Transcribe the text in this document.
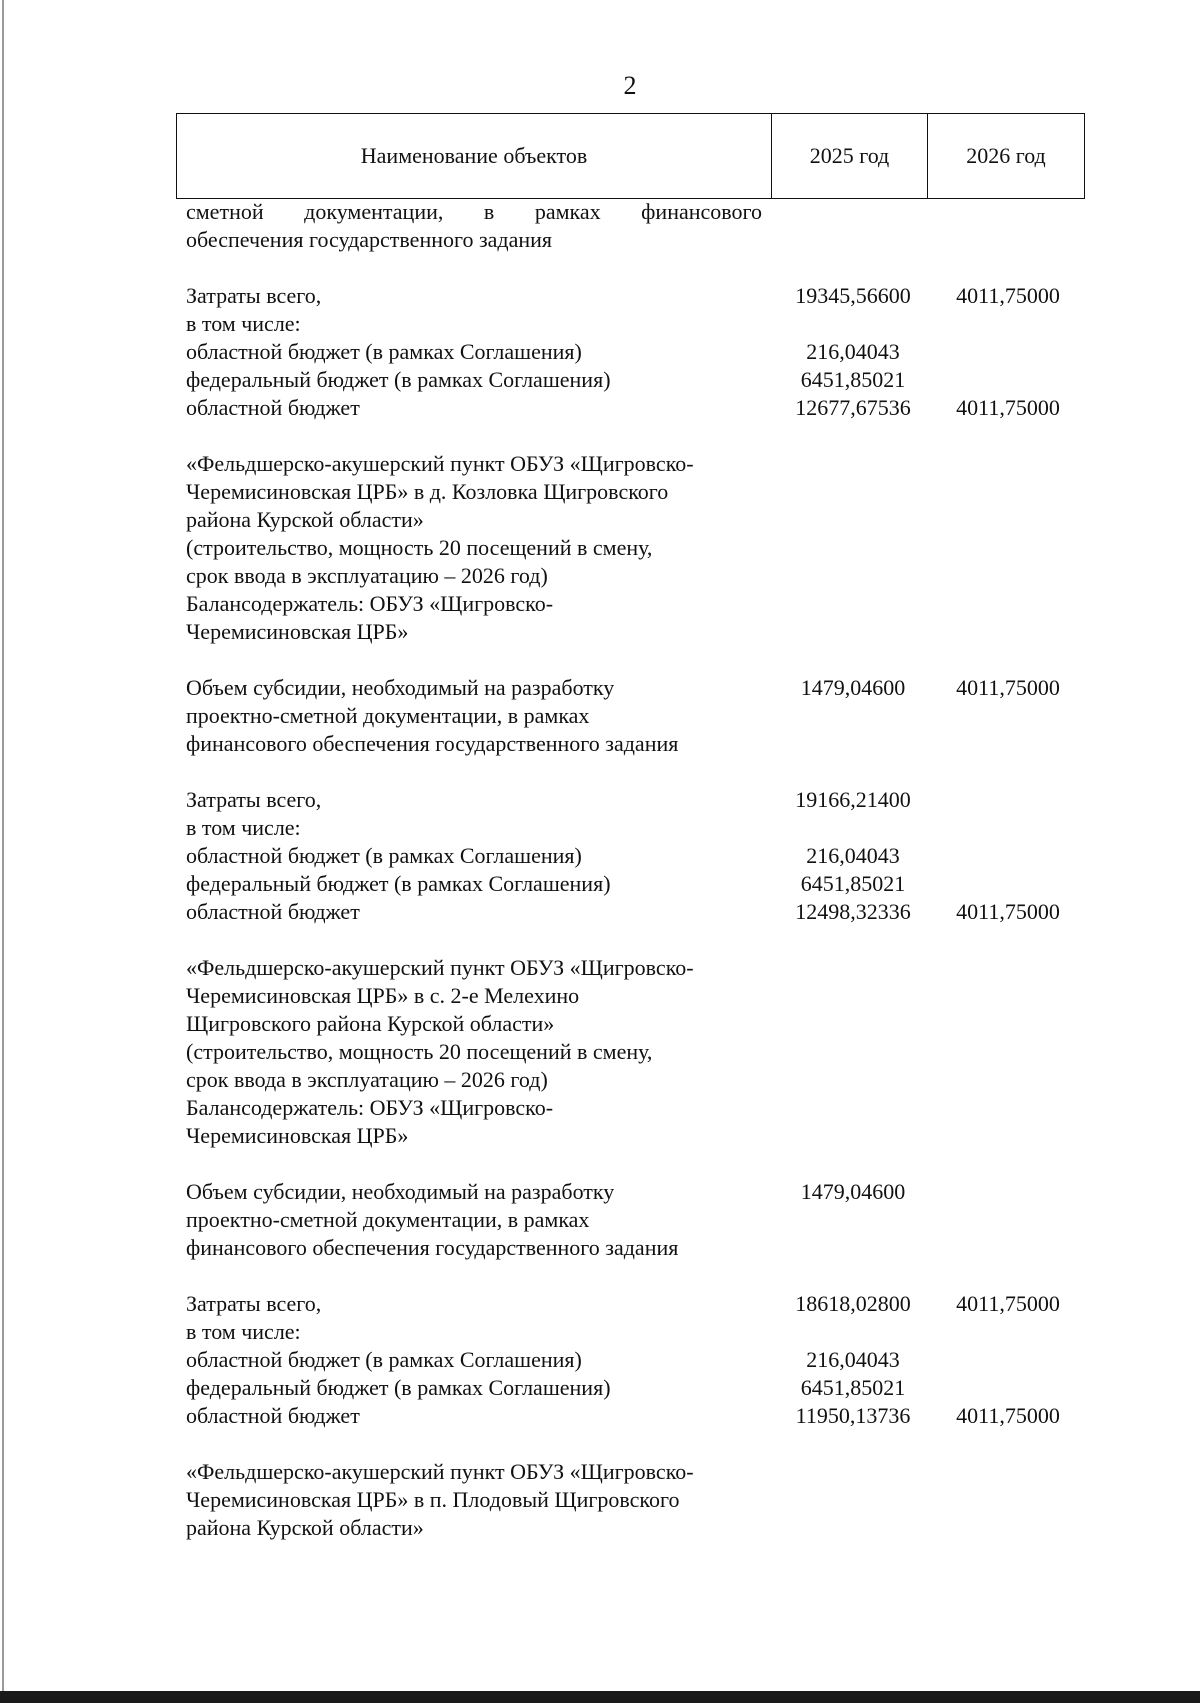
2
Наименование объектов	2025 год	2026 год
сметной документации, в рамках финансового
обеспечения государственного задания
Затраты всего,	19345,56600	4011,75000
в том числе:
областной бюджет (в рамках Соглашения)	216,04043
федеральный бюджет (в рамках Соглашения)	6451,85021
областной бюджет	12677,67536	4011,75000
«Фельдшерско-акушерский пункт ОБУЗ «Щигровско-
Черемисиновская ЦРБ» в д. Козловка Щигровского
района Курской области»
(строительство, мощность 20 посещений в смену,
срок ввода в эксплуатацию – 2026 год)
Балансодержатель: ОБУЗ «Щигровско-
Черемисиновская ЦРБ»
Объем субсидии, необходимый на разработку	1479,04600	4011,75000
проектно-сметной документации, в рамках
финансового обеспечения государственного задания
Затраты всего,	19166,21400
в том числе:
областной бюджет (в рамках Соглашения)	216,04043
федеральный бюджет (в рамках Соглашения)	6451,85021
областной бюджет	12498,32336	4011,75000
«Фельдшерско-акушерский пункт ОБУЗ «Щигровско-
Черемисиновская ЦРБ» в с. 2-е Мелехино
Щигровского района Курской области»
(строительство, мощность 20 посещений в смену,
срок ввода в эксплуатацию – 2026 год)
Балансодержатель: ОБУЗ «Щигровско-
Черемисиновская ЦРБ»
Объем субсидии, необходимый на разработку	1479,04600
проектно-сметной документации, в рамках
финансового обеспечения государственного задания
Затраты всего,	18618,02800	4011,75000
в том числе:
областной бюджет (в рамках Соглашения)	216,04043
федеральный бюджет (в рамках Соглашения)	6451,85021
областной бюджет	11950,13736	4011,75000
«Фельдшерско-акушерский пункт ОБУЗ «Щигровско-
Черемисиновская ЦРБ» в п. Плодовый Щигровского
района Курской области»
